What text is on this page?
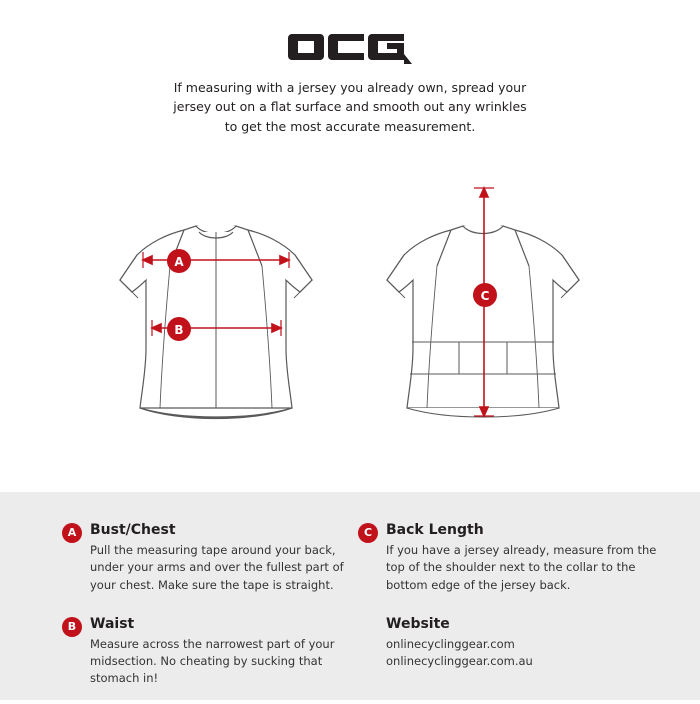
If measuring with a jersey you already own, spread your jersey out on a flat surface and smooth out any wrinkles to get the most accurate measurement.
A
B
C
A Bust/Chest

Pull the measuring tape around your back, under your arms and over the fullest part of your chest. Make sure the tape is straight.

B Waist

Measure across the narrowest part of your midsection. No cheating by sucking that stomach in!

C Back Length

If you have a jersey already, measure from the top of the shoulder next to the collar to the bottom edge of the jersey back.

Website
onlinecyclinggear.com
onlinecyclinggear.com.au
